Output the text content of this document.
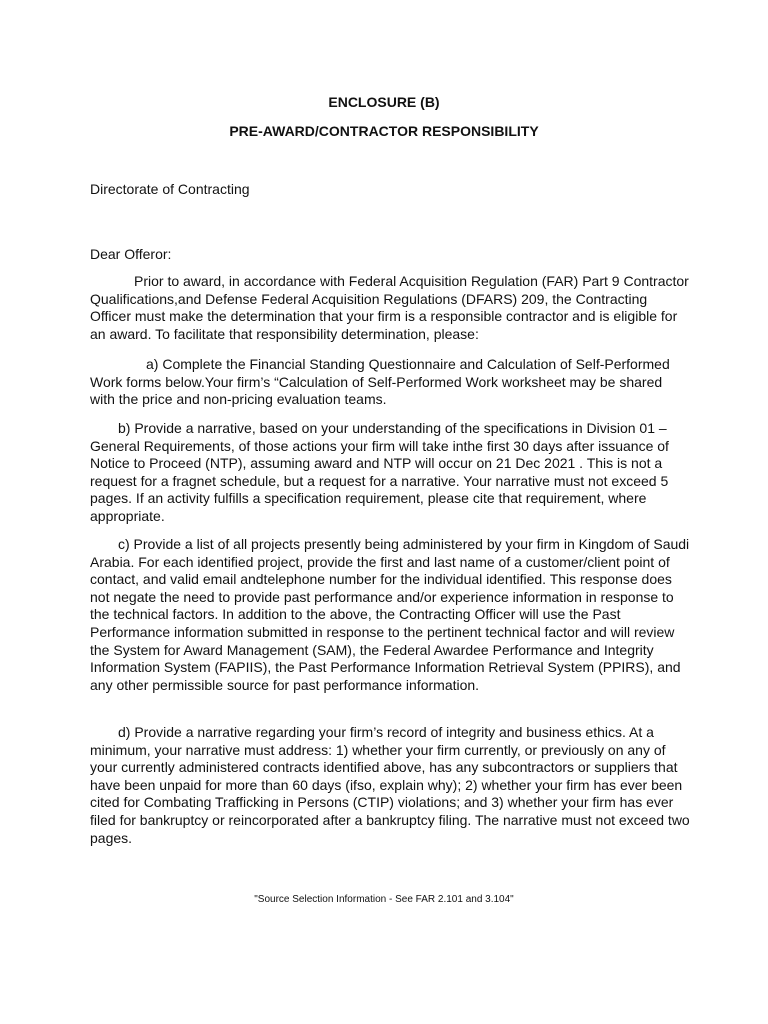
ENCLOSURE (B)

PRE-AWARD/CONTRACTOR RESPONSIBILITY

Directorate of Contracting

Dear Offeror:

Prior to award, in accordance with Federal Acquisition Regulation (FAR) Part 9 Contractor Qualifications,and Defense Federal Acquisition Regulations (DFARS) 209, the Contracting Officer must make the determination that your firm is a responsible contractor and is eligible for an award. To facilitate that responsibility determination, please:

a) Complete the Financial Standing Questionnaire and Calculation of Self-Performed Work forms below.Your firm’s “Calculation of Self-Performed Work worksheet may be shared with the price and non-pricing evaluation teams.

b) Provide a narrative, based on your understanding of the specifications in Division 01 – General Requirements, of those actions your firm will take inthe first 30 days after issuance of Notice to Proceed (NTP), assuming award and NTP will occur on 21 Dec 2021 . This is not a request for a fragnet schedule, but a request for a narrative. Your narrative must not exceed 5 pages. If an activity fulfills a specification requirement, please cite that requirement, where appropriate.

c) Provide a list of all projects presently being administered by your firm in Kingdom of Saudi Arabia. For each identified project, provide the first and last name of a customer/client point of contact, and valid email andtelephone number for the individual identified. This response does not negate the need to provide past performance and/or experience information in response to the technical factors. In addition to the above, the Contracting Officer will use the Past Performance information submitted in response to the pertinent technical factor and will review the System for Award Management (SAM), the Federal Awardee Performance and Integrity Information System (FAPIIS), the Past Performance Information Retrieval System (PPIRS), and any other permissible source for past performance information.

d) Provide a narrative regarding your firm’s record of integrity and business ethics. At a minimum, your narrative must address: 1) whether your firm currently, or previously on any of your currently administered contracts identified above, has any subcontractors or suppliers that have been unpaid for more than 60 days (ifso, explain why); 2) whether your firm has ever been cited for Combating Trafficking in Persons (CTIP) violations; and 3) whether your firm has ever filed for bankruptcy or reincorporated after a bankruptcy filing. The narrative must not exceed two pages.

"Source Selection Information - See FAR 2.101 and 3.104"
